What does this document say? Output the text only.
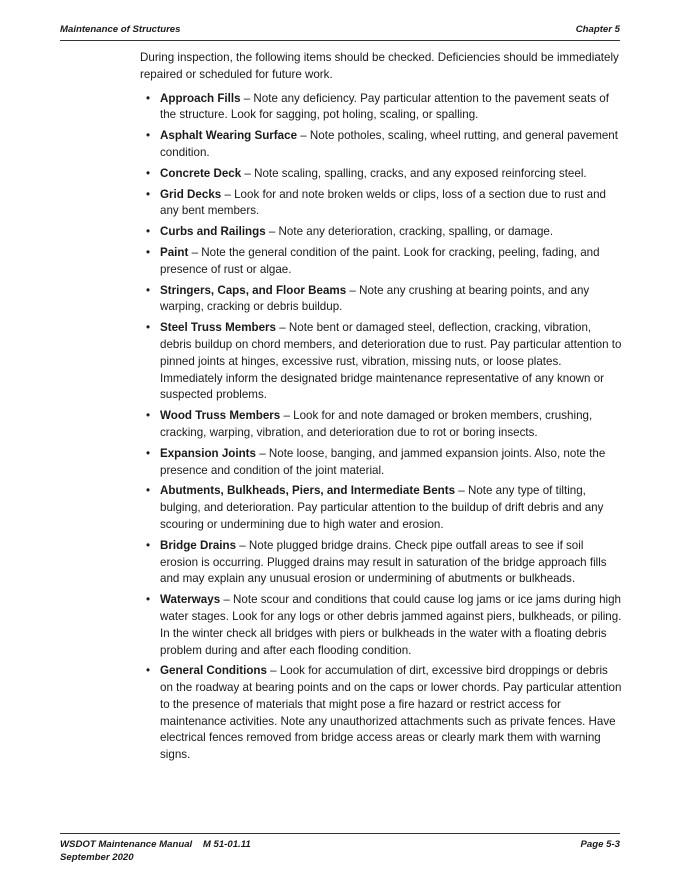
Maintenance of Structures	Chapter 5

During inspection, the following items should be checked. Deficiencies should be immediately repaired or scheduled for future work.

• Approach Fills – Note any deficiency. Pay particular attention to the pavement seats of the structure. Look for sagging, pot holing, scaling, or spalling.
• Asphalt Wearing Surface – Note potholes, scaling, wheel rutting, and general pavement condition.
• Concrete Deck – Note scaling, spalling, cracks, and any exposed reinforcing steel.
• Grid Decks – Look for and note broken welds or clips, loss of a section due to rust and any bent members.
• Curbs and Railings – Note any deterioration, cracking, spalling, or damage.
• Paint – Note the general condition of the paint. Look for cracking, peeling, fading, and presence of rust or algae.
• Stringers, Caps, and Floor Beams – Note any crushing at bearing points, and any warping, cracking or debris buildup.
• Steel Truss Members – Note bent or damaged steel, deflection, cracking, vibration, debris buildup on chord members, and deterioration due to rust. Pay particular attention to pinned joints at hinges, excessive rust, vibration, missing nuts, or loose plates. Immediately inform the designated bridge maintenance representative of any known or suspected problems.
• Wood Truss Members – Look for and note damaged or broken members, crushing, cracking, warping, vibration, and deterioration due to rot or boring insects.
• Expansion Joints – Note loose, banging, and jammed expansion joints. Also, note the presence and condition of the joint material.
• Abutments, Bulkheads, Piers, and Intermediate Bents – Note any type of tilting, bulging, and deterioration. Pay particular attention to the buildup of drift debris and any scouring or undermining due to high water and erosion.
• Bridge Drains – Note plugged bridge drains. Check pipe outfall areas to see if soil erosion is occurring. Plugged drains may result in saturation of the bridge approach fills and may explain any unusual erosion or undermining of abutments or bulkheads.
• Waterways – Note scour and conditions that could cause log jams or ice jams during high water stages. Look for any logs or other debris jammed against piers, bulkheads, or piling. In the winter check all bridges with piers or bulkheads in the water with a floating debris problem during and after each flooding condition.
• General Conditions – Look for accumulation of dirt, excessive bird droppings or debris on the roadway at bearing points and on the caps or lower chords. Pay particular attention to the presence of materials that might pose a fire hazard or restrict access for maintenance activities. Note any unauthorized attachments such as private fences. Have electrical fences removed from bridge access areas or clearly mark them with warning signs.
WSDOT Maintenance Manual    M 51-01.11
September 2020
Page 5-3
